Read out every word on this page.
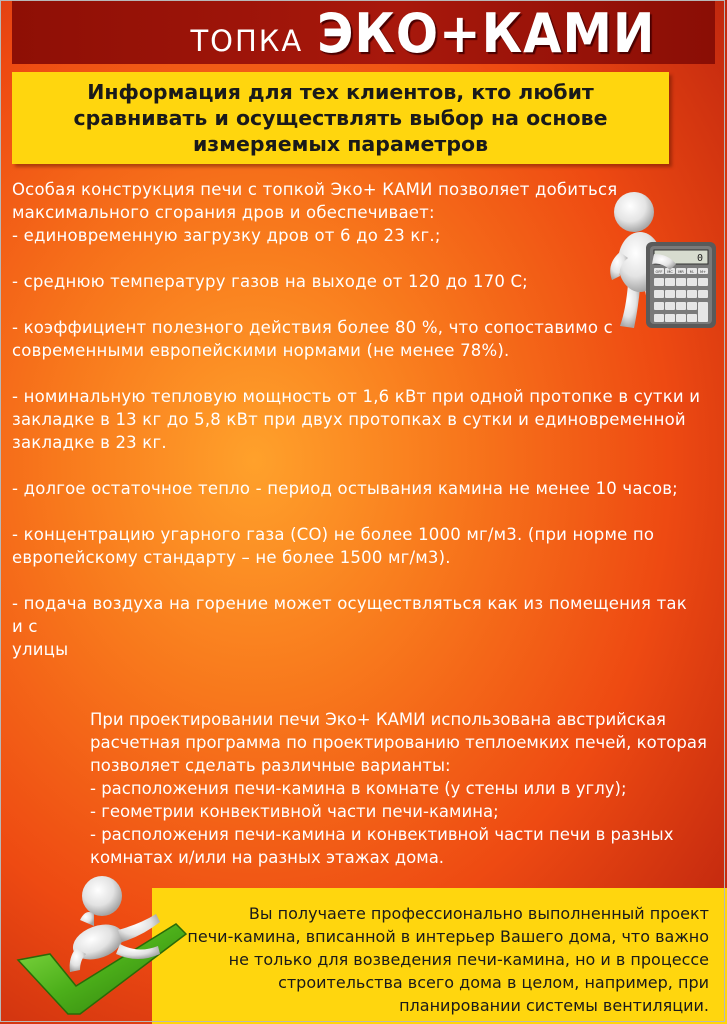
ТОПКА ЭКО+КАМИ

Информация для тех клиентов, кто любит
сравнивать и осуществлять выбор на основе
измеряемых параметров

Особая конструкция печи с топкой Эко+ КАМИ позволяет добиться
максимального сгорания дров и обеспечивает:
- единовременную загрузку дров от 6 до 23 кг.;

- среднюю температуру газов на выходе от 120 до 170 С;

- коэффициент полезного действия более 80 %, что сопоставимо с
современными европейскими нормами (не менее 78%).

- номинальную тепловую мощность от 1,6 кВт при одной протопке в сутки и
закладке в 13 кг до 5,8 кВт при двух протопках в сутки и единовременной
закладке в 23 кг.

- долгое остаточное тепло - период остывания камина не менее 10 часов;

- концентрацию угарного газа (СО) не более 1000 мг/м3. (при норме по
европейскому стандарту – не более 1500 мг/м3).

- подача воздуха на горение может осуществляться как из помещения так и с
улицы

При проектировании печи Эко+ КАМИ использована австрийская
расчетная программа по проектированию теплоемких печей, которая
позволяет сделать различные варианты:
- расположения печи-камина в комнате (у стены или в углу);
- геометрии конвективной части печи-камина;
- расположения печи-камина и конвективной части печи в разных
комнатах и/или на разных этажах дома.

Вы получаете профессионально выполненный проект
печи-камина, вписанной в интерьер Вашего дома, что важно
не только для возведения печи-камина, но и в процессе
строительства всего дома в целом, например, при
планировании системы вентиляции.

0
OFF MC MR M- M+
